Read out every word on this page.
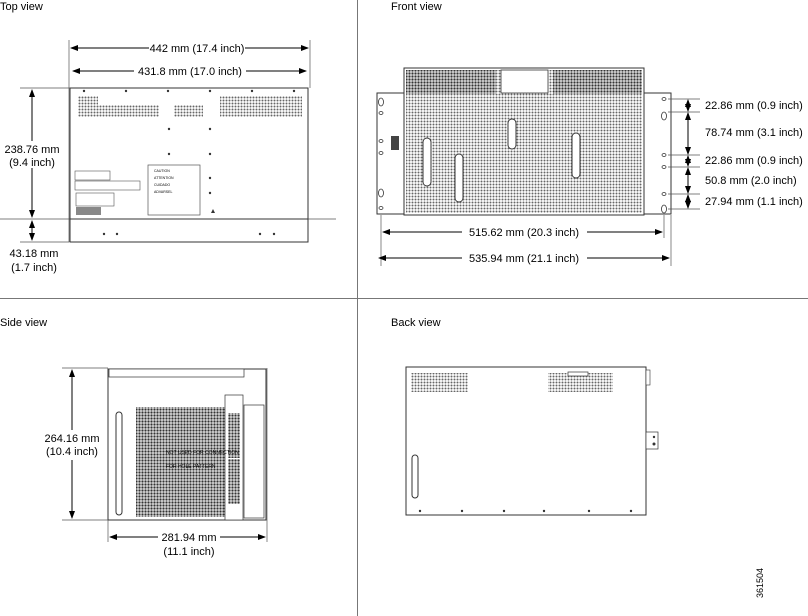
Top view
CAUTION
ATTENTION
CUIDADO
ADVARSEL
442 mm (17.4 inch)
431.8 mm (17.0 inch)
238.76 mm
(9.4 inch)
43.18 mm
(1.7 inch)
Front view
22.86 mm (0.9 inch)
78.74 mm (3.1 inch)
22.86 mm (0.9 inch)
50.8 mm (2.0 inch)
27.94 mm (1.1 inch)
515.62 mm (20.3 inch)
535.94 mm (21.1 inch)
Side view
NOT USED FOR CONNECTION
FOR HOLE PATTERN
264.16 mm
(10.4 inch)
281.94 mm
(11.1 inch)
Back view
361504
